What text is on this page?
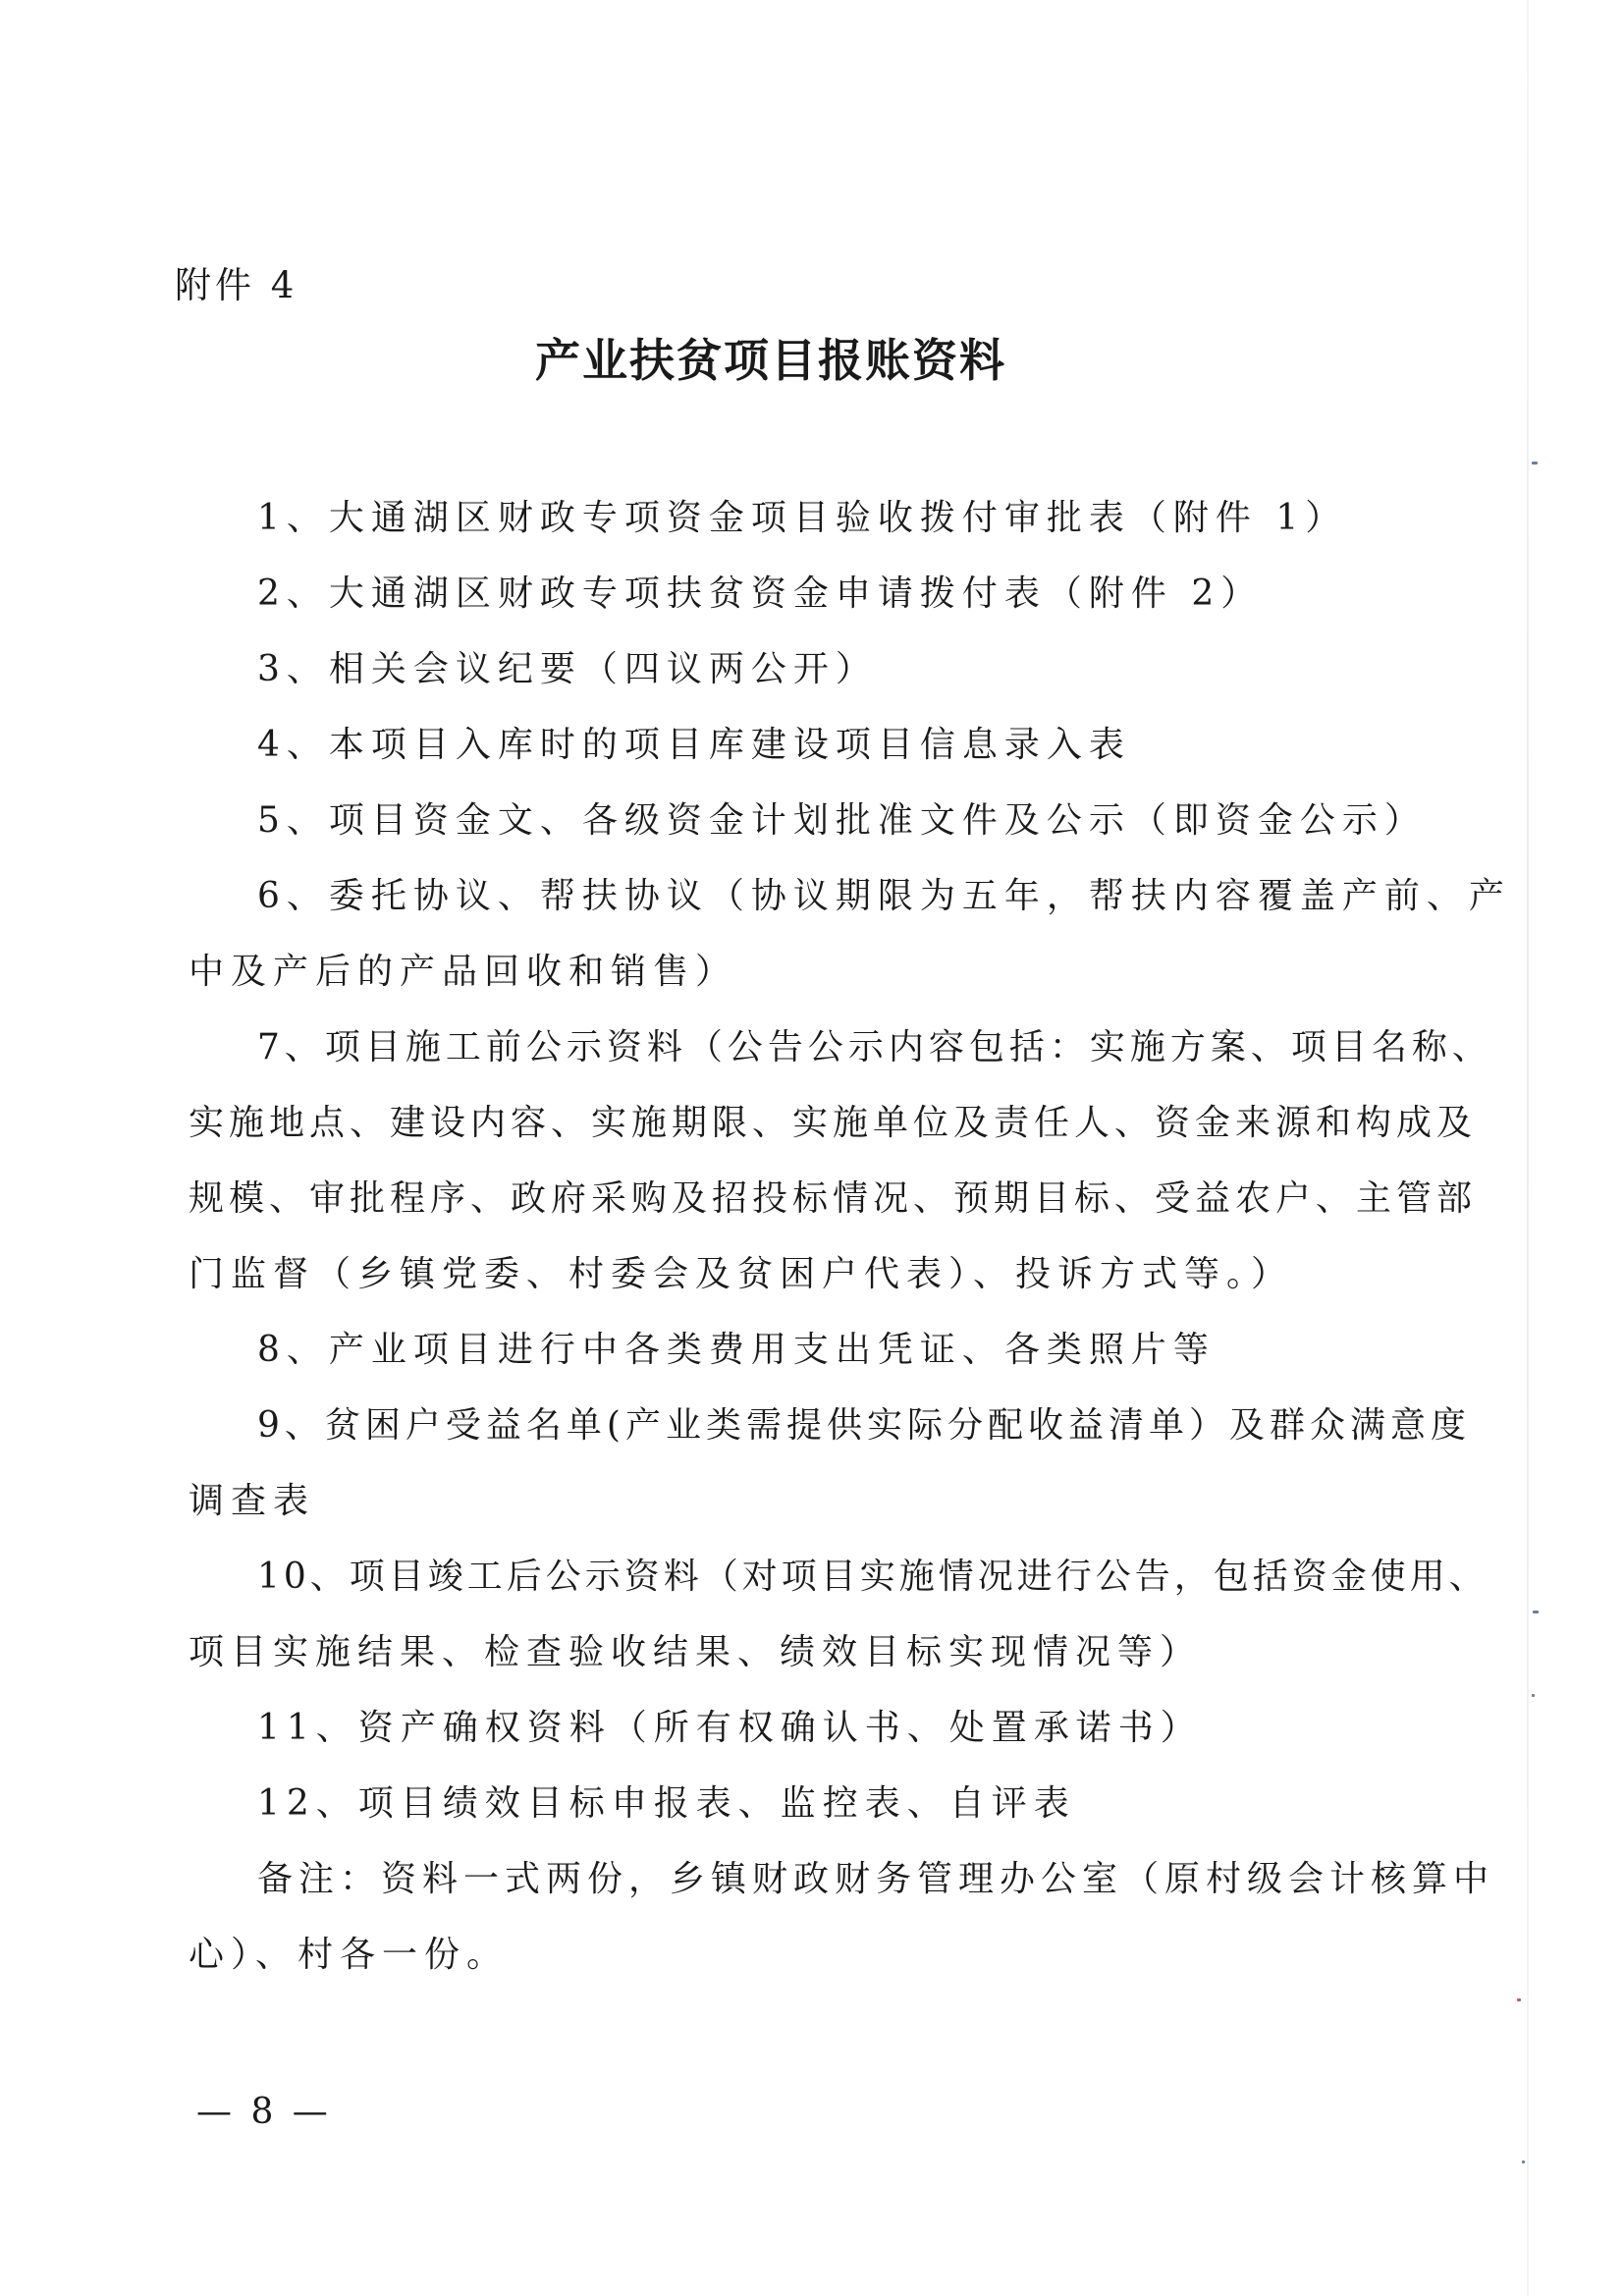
附件 4
产业扶贫项目报账资料
1、大通湖区财政专项资金项目验收拨付审批表（附件 1）
2、大通湖区财政专项扶贫资金申请拨付表（附件 2）
3、相关会议纪要（四议两公开）
4、本项目入库时的项目库建设项目信息录入表
5、项目资金文、各级资金计划批准文件及公示（即资金公示）
6、委托协议、帮扶协议（协议期限为五年，帮扶内容覆盖产前、产
中及产后的产品回收和销售）
7、项目施工前公示资料（公告公示内容包括：实施方案、项目名称、
实施地点、建设内容、实施期限、实施单位及责任人、资金来源和构成及
规模、审批程序、政府采购及招投标情况、预期目标、受益农户、主管部
门监督（乡镇党委、村委会及贫困户代表）、投诉方式等。）
8、产业项目进行中各类费用支出凭证、各类照片等
9、贫困户受益名单(产业类需提供实际分配收益清单）及群众满意度
调查表
10、项目竣工后公示资料（对项目实施情况进行公告，包括资金使用、
项目实施结果、检查验收结果、绩效目标实现情况等）
11、资产确权资料（所有权确认书、处置承诺书）
12、项目绩效目标申报表、监控表、自评表
备注：资料一式两份，乡镇财政财务管理办公室（原村级会计核算中
心）、村各一份。
— 8 —
